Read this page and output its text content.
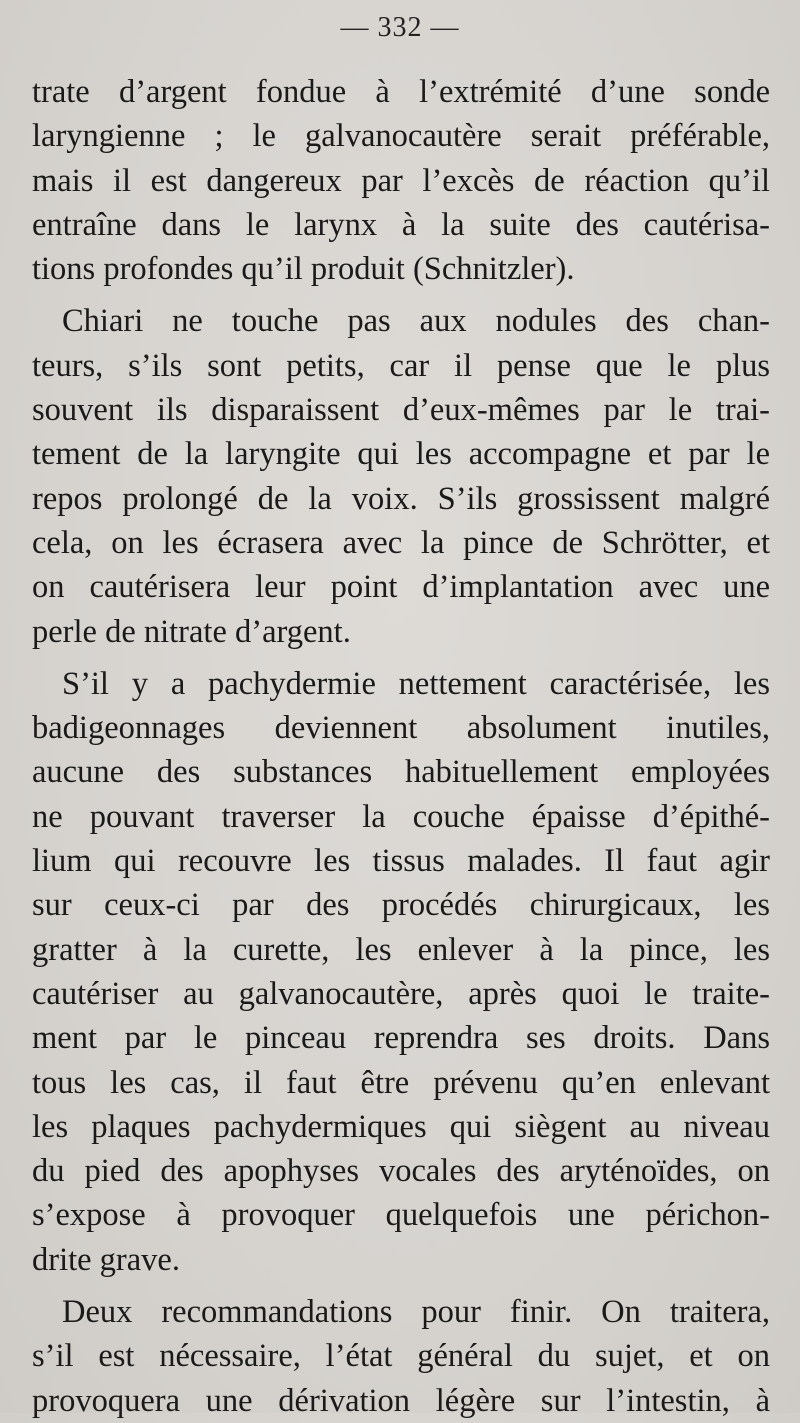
— 332 —
trate d’argent fondue à l’extrémité d’une sonde
laryngienne ; le galvanocautère serait préférable,
mais il est dangereux par l’excès de réaction qu’il
entraîne dans le larynx à la suite des cautérisa-
tions profondes qu’il produit (Schnitzler).
Chiari ne touche pas aux nodules des chan-
teurs, s’ils sont petits, car il pense que le plus
souvent ils disparaissent d’eux-mêmes par le trai-
tement de la laryngite qui les accompagne et par le
repos prolongé de la voix. S’ils grossissent malgré
cela, on les écrasera avec la pince de Schrötter, et
on cautérisera leur point d’implantation avec une
perle de nitrate d’argent.
S’il y a pachydermie nettement caractérisée, les
badigeonnages deviennent absolument inutiles,
aucune des substances habituellement employées
ne pouvant traverser la couche épaisse d’épithé-
lium qui recouvre les tissus malades. Il faut agir
sur ceux-ci par des procédés chirurgicaux, les
gratter à la curette, les enlever à la pince, les
cautériser au galvanocautère, après quoi le traite-
ment par le pinceau reprendra ses droits. Dans
tous les cas, il faut être prévenu qu’en enlevant
les plaques pachydermiques qui siègent au niveau
du pied des apophyses vocales des aryténoïdes, on
s’expose à provoquer quelquefois une périchon-
drite grave.
Deux recommandations pour finir. On traitera,
s’il est nécessaire, l’état général du sujet, et on
provoquera une dérivation légère sur l’intestin, à
